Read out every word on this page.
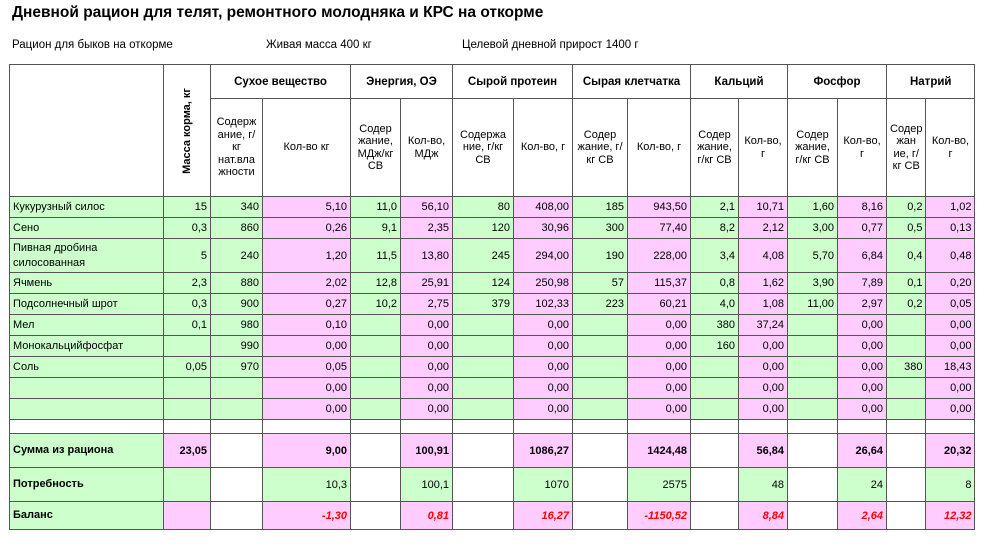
Дневной рацион для телят, ремонтного молодняка и КРС на откорме
Рацион для быков на откорме	Живая масса 400 кг	Целевой дневной прирост 1400 г

	Масса корма, кг	Сухое вещество		Энергия, ОЭ		Сырой протеин		Сырая клетчатка		Кальций		Фосфор		Натрий	
		Содерж ание, г/кг нат.вла жности	Кол-во кг	Содер жание, МДж/кг СВ	Кол-во, МДж	Содержа ние, г/кг СВ	Кол-во, г	Содер жание, г/кг СВ	Кол-во, г	Содер жание, г/кг СВ	Кол-во, г	Содер жание, г/кг СВ	Кол-во, г	Содер жан ие, г/кг СВ	Кол-во, г
Кукурузный силос	15	340	5,10	11,0	56,10	80	408,00	185	943,50	2,1	10,71	1,60	8,16	0,2	1,02
Сено	0,3	860	0,26	9,1	2,35	120	30,96	300	77,40	8,2	2,12	3,00	0,77	0,5	0,13
Пивная дробина силосованная	5	240	1,20	11,5	13,80	245	294,00	190	228,00	3,4	4,08	5,70	6,84	0,4	0,48
Ячмень	2,3	880	2,02	12,8	25,91	124	250,98	57	115,37	0,8	1,62	3,90	7,89	0,1	0,20
Подсолнечный шрот	0,3	900	0,27	10,2	2,75	379	102,33	223	60,21	4,0	1,08	11,00	2,97	0,2	0,05
Мел	0,1	980	0,10		0,00		0,00		0,00	380	37,24		0,00		0,00
Монокальцийфосфат		990	0,00		0,00		0,00		0,00	160	0,00		0,00		0,00
Соль	0,05	970	0,05		0,00		0,00		0,00		0,00		0,00	380	18,43
			0,00		0,00		0,00		0,00		0,00		0,00		0,00
			0,00		0,00		0,00		0,00		0,00		0,00		0,00

Сумма из рациона	23,05		9,00		100,91		1086,27		1424,48		56,84		26,64		20,32
Потребность			10,3		100,1		1070		2575		48		24		8
Баланс			-1,30		0,81		16,27		-1150,52		8,84		2,64		12,32
